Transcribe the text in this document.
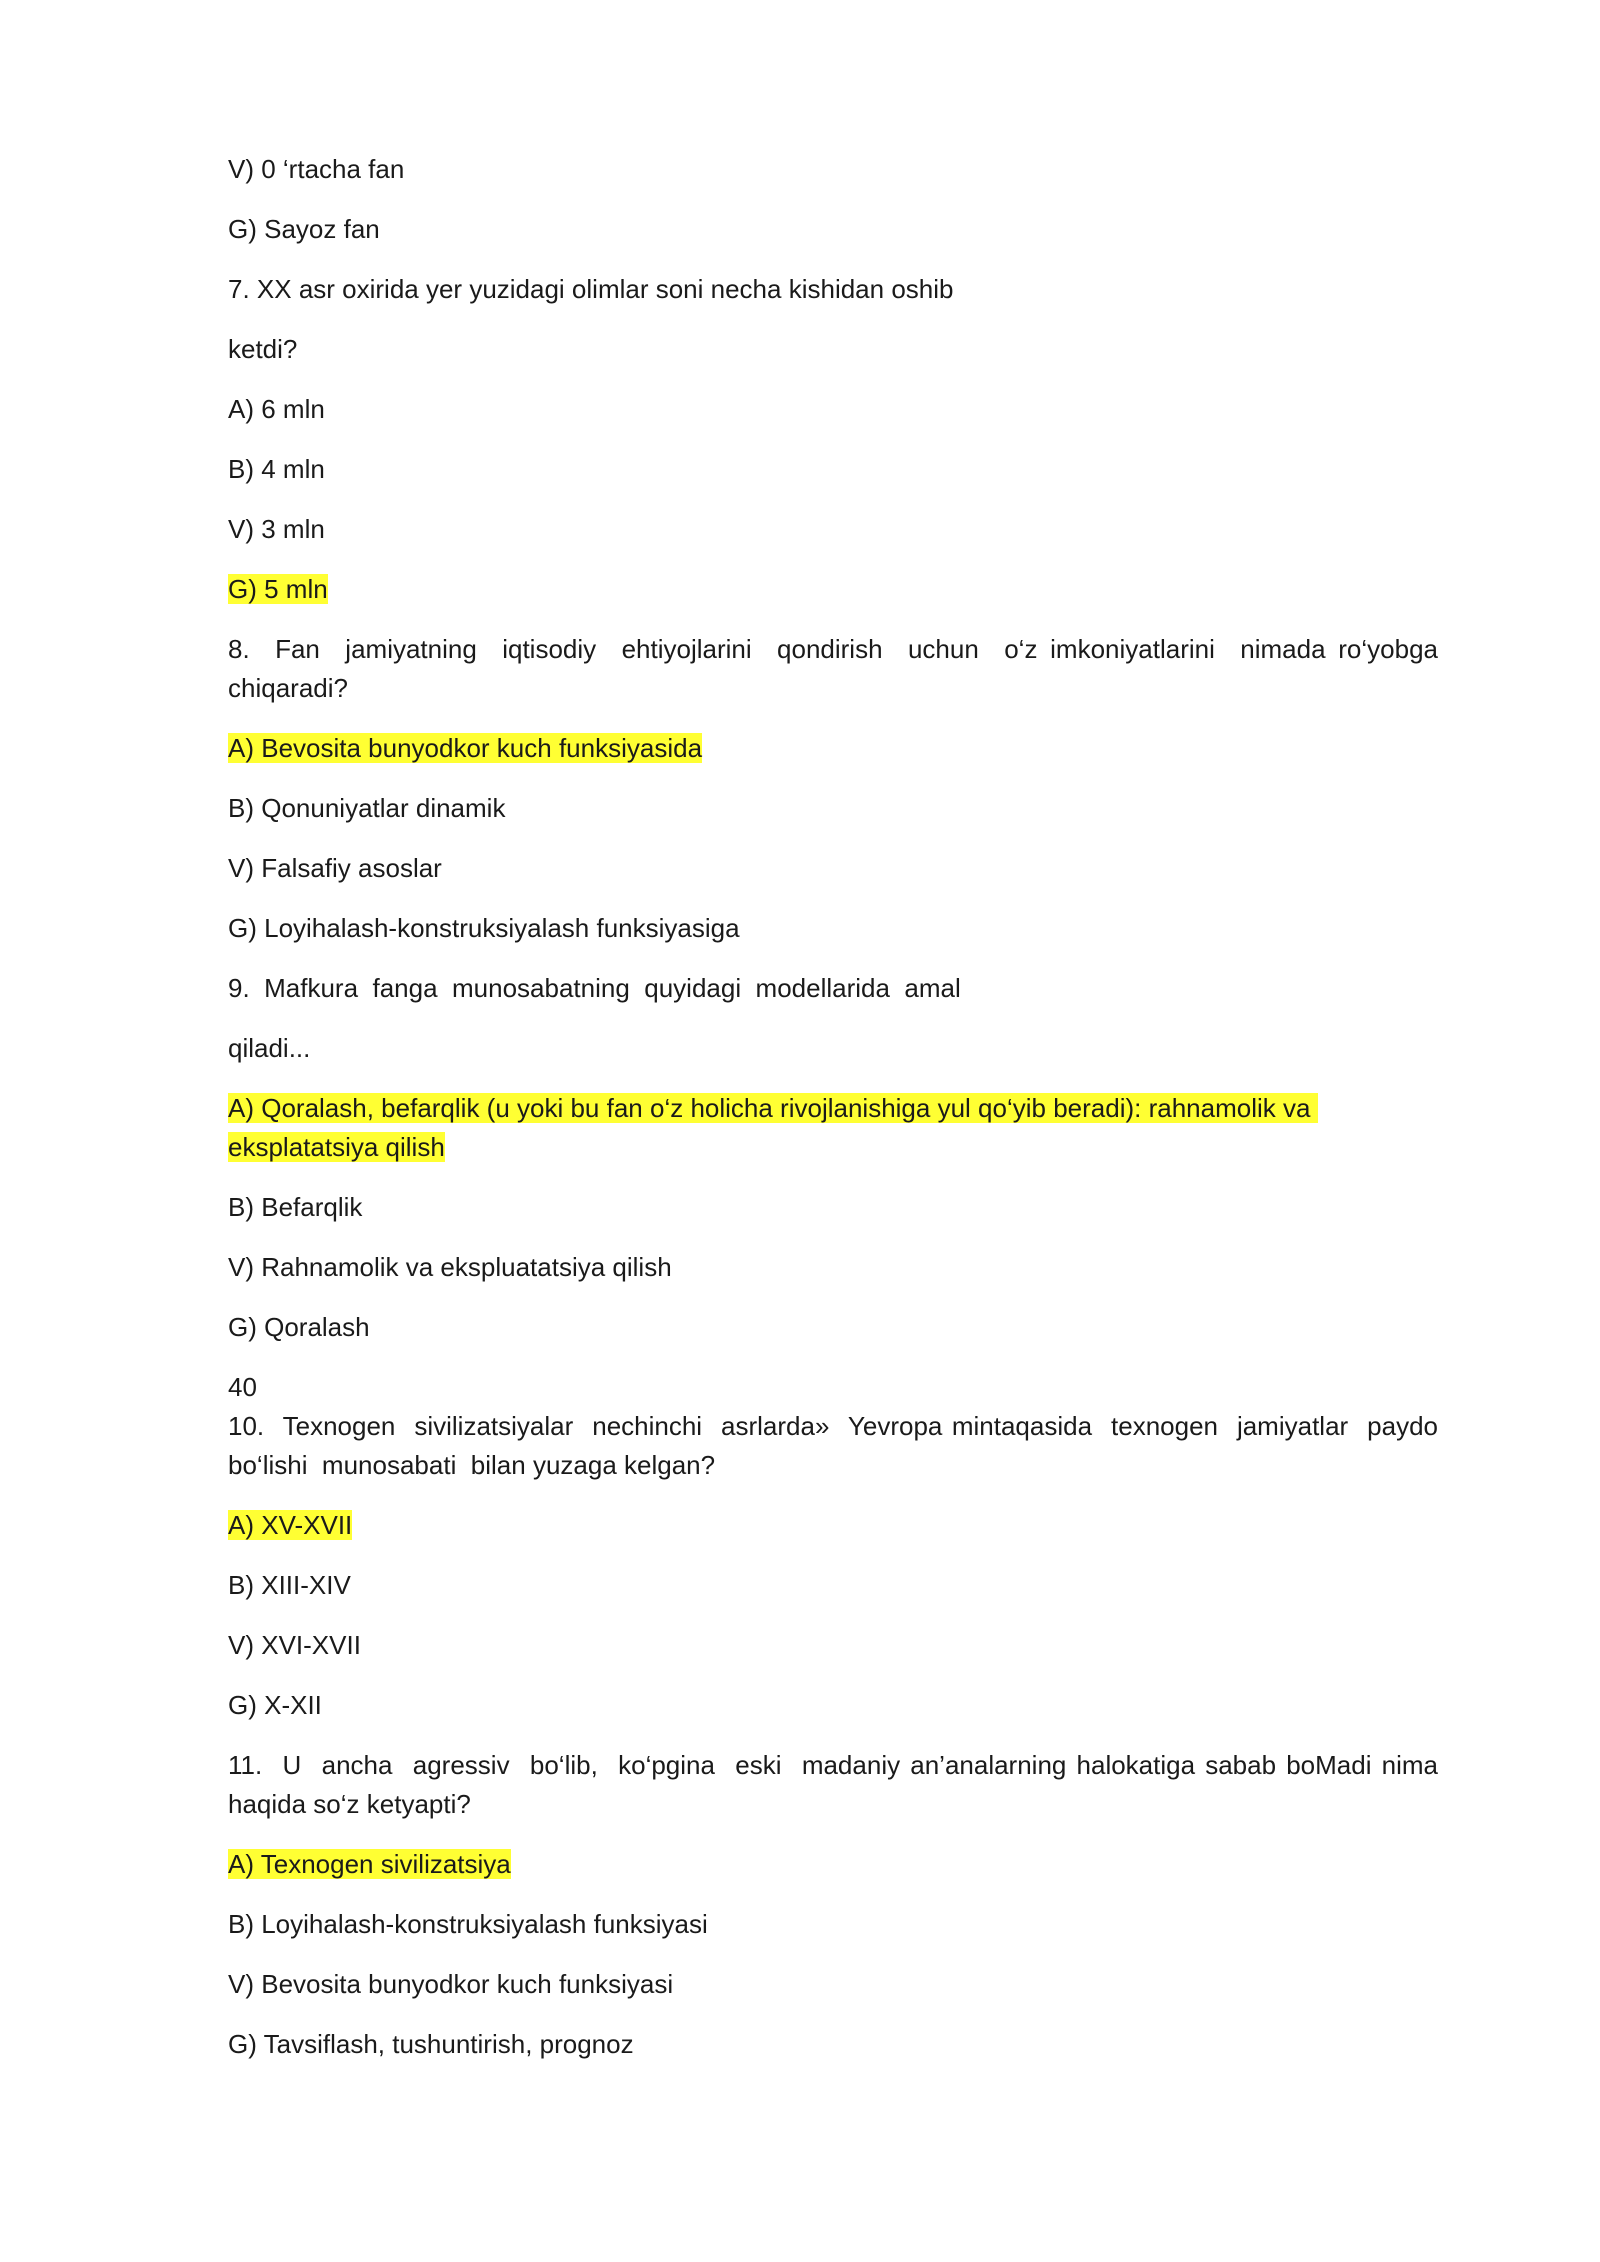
V) 0 ‘rtacha fan

G) Sayoz fan

7. XX asr oxirida yer yuzidagi olimlar soni necha kishidan oshib

ketdi?

A) 6 mln

B) 4 mln

V) 3 mln

G) 5 mln

8.  Fan  jamiyatning  iqtisodiy  ehtiyojlarini  qondirish  uchun  o‘z imkoniyatlarini  nimada ro‘yobga chiqaradi?

A) Bevosita bunyodkor kuch funksiyasida

B) Qonuniyatlar dinamik

V) Falsafiy asoslar

G) Loyihalash-konstruksiyalash funksiyasiga

9.  Mafkura  fanga  munosabatning  quyidagi  modellarida  amal

qiladi...

A) Qoralash, befarqlik (u yoki bu fan o‘z holicha rivojlanishiga yul qo‘yib beradi): rahnamolik va eksplatatsiya qilish

B) Befarqlik

V) Rahnamolik va ekspluatatsiya qilish

G) Qoralash

40

10.  Texnogen  sivilizatsiyalar  nechinchi  asrlarda»  Yevropa mintaqasida  texnogen  jamiyatlar  paydo bo‘lishi  munosabati  bilan yuzaga kelgan?

A) XV-XVII

B) XIII-XIV

V) XVI-XVII

G) X-XII

11.  U  ancha  agressiv  bo‘lib,  ko‘pgina  eski  madaniy an’analarning halokatiga sabab boMadi nima haqida so‘z ketyapti?

A) Texnogen sivilizatsiya

B) Loyihalash-konstruksiyalash funksiyasi

V) Bevosita bunyodkor kuch funksiyasi

G) Tavsiflash, tushuntirish, prognoz
